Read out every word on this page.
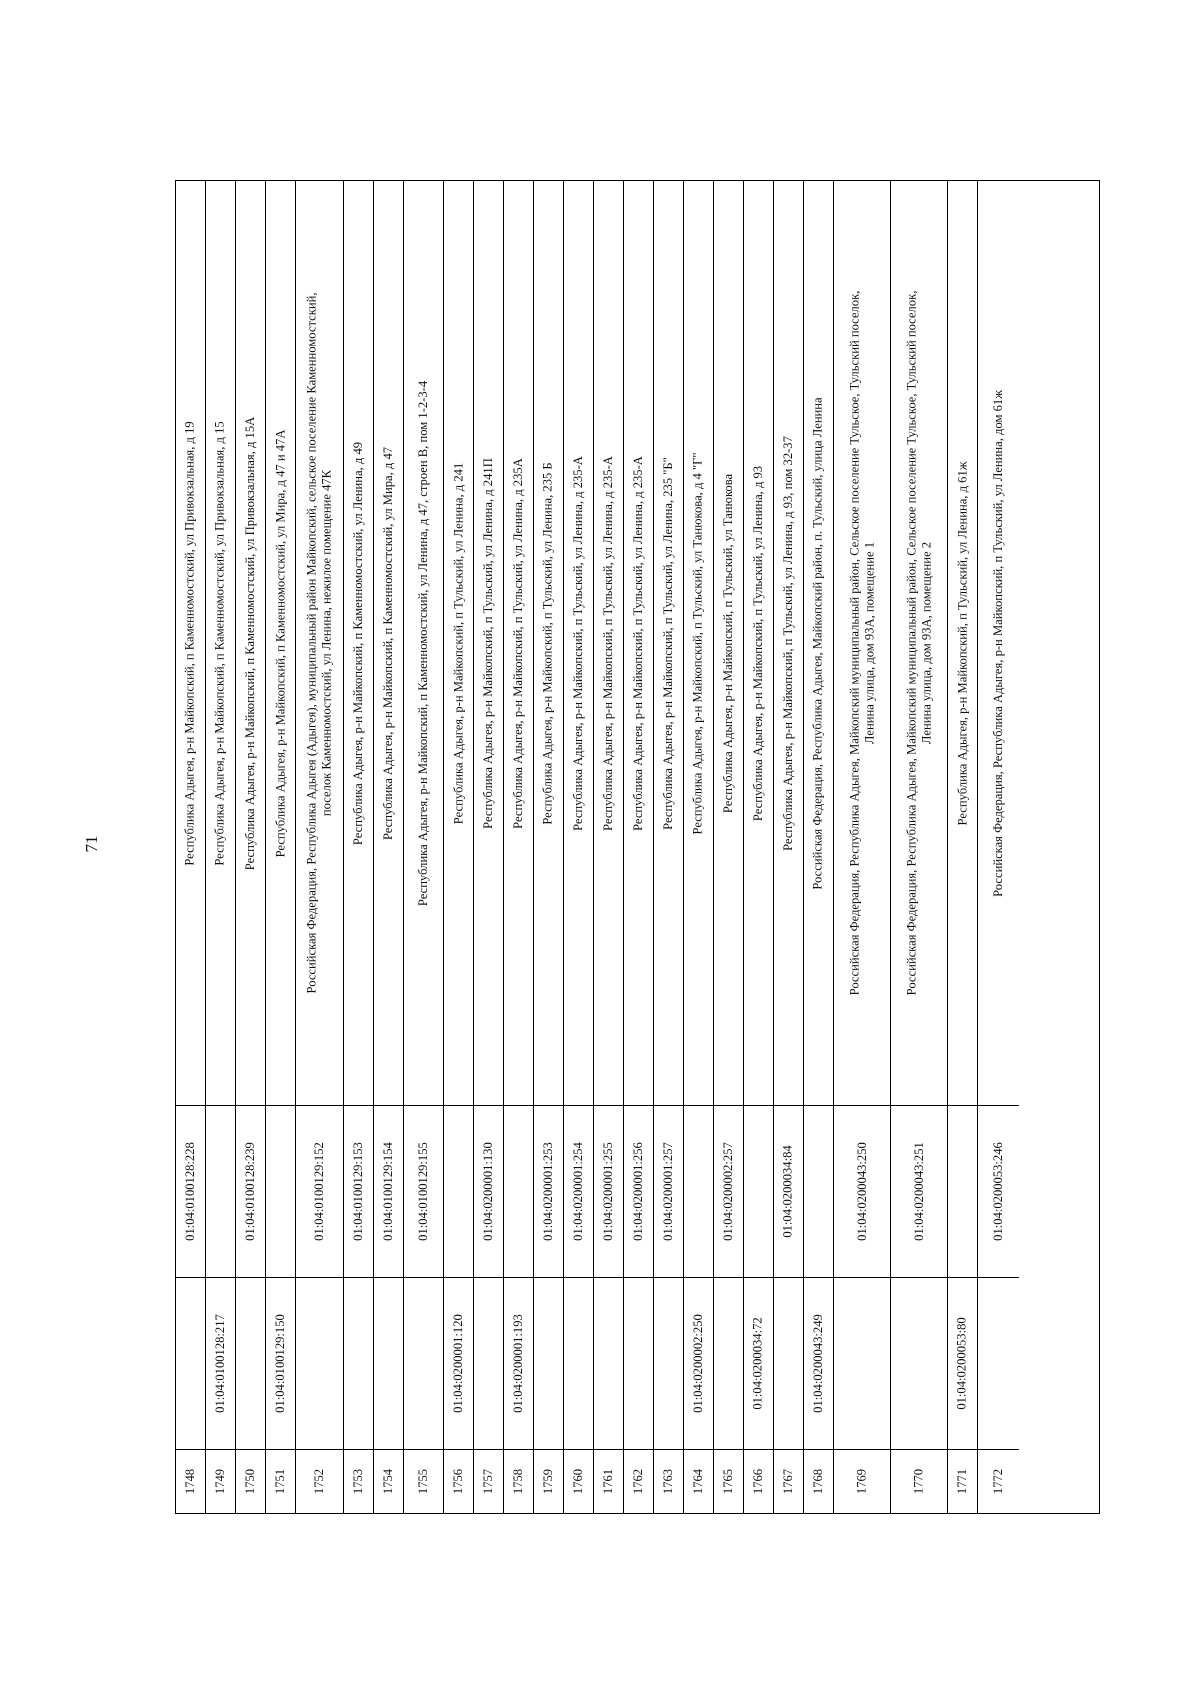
71
1748
01:04:0100128:228
Республика Адыгея, р-н Майкопский, п Каменномостский, ул Привокзальная, д 19
1749
01:04:0100128:217
Республика Адыгея, р-н Майкопский, п Каменномостский, ул Привокзальная, д 15
1750
01:04:0100128:239
Республика Адыгея, р-н Майкопский, п Каменномостский, ул Привокзальная, д 15А
1751
01:04:0100129:150
Республика Адыгея, р-н Майкопский, п Каменномостский, ул Мира, д 47 и 47А
1752
01:04:0100129:152
Российская Федерация, Республика Адыгея (Адыгея), муниципальный район Майкопский, сельское поселение Каменномостский, поселок Каменномостский, ул Ленина, нежилое помещение 47К
1753
01:04:0100129:153
Республика Адыгея, р-н Майкопский, п Каменномостский, ул Ленина, д 49
1754
01:04:0100129:154
Республика Адыгея, р-н Майкопский, п Каменномостский, ул Мира, д 47
1755
01:04:0100129:155
Республика Адыгея, р-н Майкопский, п Каменномостский, ул Ленина, д 47, строен В, пом 1-2-3-4
1756
01:04:0200001:120
Республика Адыгея, р-н Майкопский, п Тульский, ул Ленина, д 241
1757
01:04:0200001:130
Республика Адыгея, р-н Майкопский, п Тульский, ул Ленина, д 241П
1758
01:04:0200001:193
Республика Адыгея, р-н Майкопский, п Тульский, ул Ленина, д 235А
1759
01:04:0200001:253
Республика Адыгея, р-н Майкопский, п Тульский, ул Ленина, 235 Б
1760
01:04:0200001:254
Республика Адыгея, р-н Майкопский, п Тульский, ул Ленина, д 235-А
1761
01:04:0200001:255
Республика Адыгея, р-н Майкопский, п Тульский, ул Ленина, д 235-А
1762
01:04:0200001:256
Республика Адыгея, р-н Майкопский, п Тульский, ул Ленина, д 235-А
1763
01:04:0200001:257
Республика Адыгея, р-н Майкопский, п Тульский, ул Ленина, 235 "Б"
1764
01:04:0200002:250
Республика Адыгея, р-н Майкопский, п Тульский, ул Танюкова, д 4 "Г"
1765
01:04:0200002:257
Республика Адыгея, р-н Майкопский, п Тульский, ул Танюкова
1766
01:04:0200034:72
Республика Адыгея, р-н Майкопский, п Тульский, ул Ленина, д 93
1767
01:04:0200034:84
Республика Адыгея, р-н Майкопский, п Тульский, ул Ленина, д 93, пом 32-37
1768
01:04:0200043:249
Российская Федерация, Республика Адыгея, Майкопский район, п. Тульский, улица Ленина
1769
01:04:0200043:250
Российская Федерация, Республика Адыгея, Майкопский муниципальный район, Сельское поселение Тульское, Тульский поселок, Ленина улица, дом 93А, помещение 1
1770
01:04:0200043:251
Российская Федерация, Республика Адыгея, Майкопский муниципальный район, Сельское поселение Тульское, Тульский поселок, Ленина улица, дом 93А, помещение 2
1771
01:04:0200053:80
Республика Адыгея, р-н Майкопский, п Тульский, ул Ленина, д 61ж
1772
01:04:0200053:246
Российская Федерация, Республика Адыгея, р-н Майкопский, п Тульский, ул Ленина, дом 61ж
